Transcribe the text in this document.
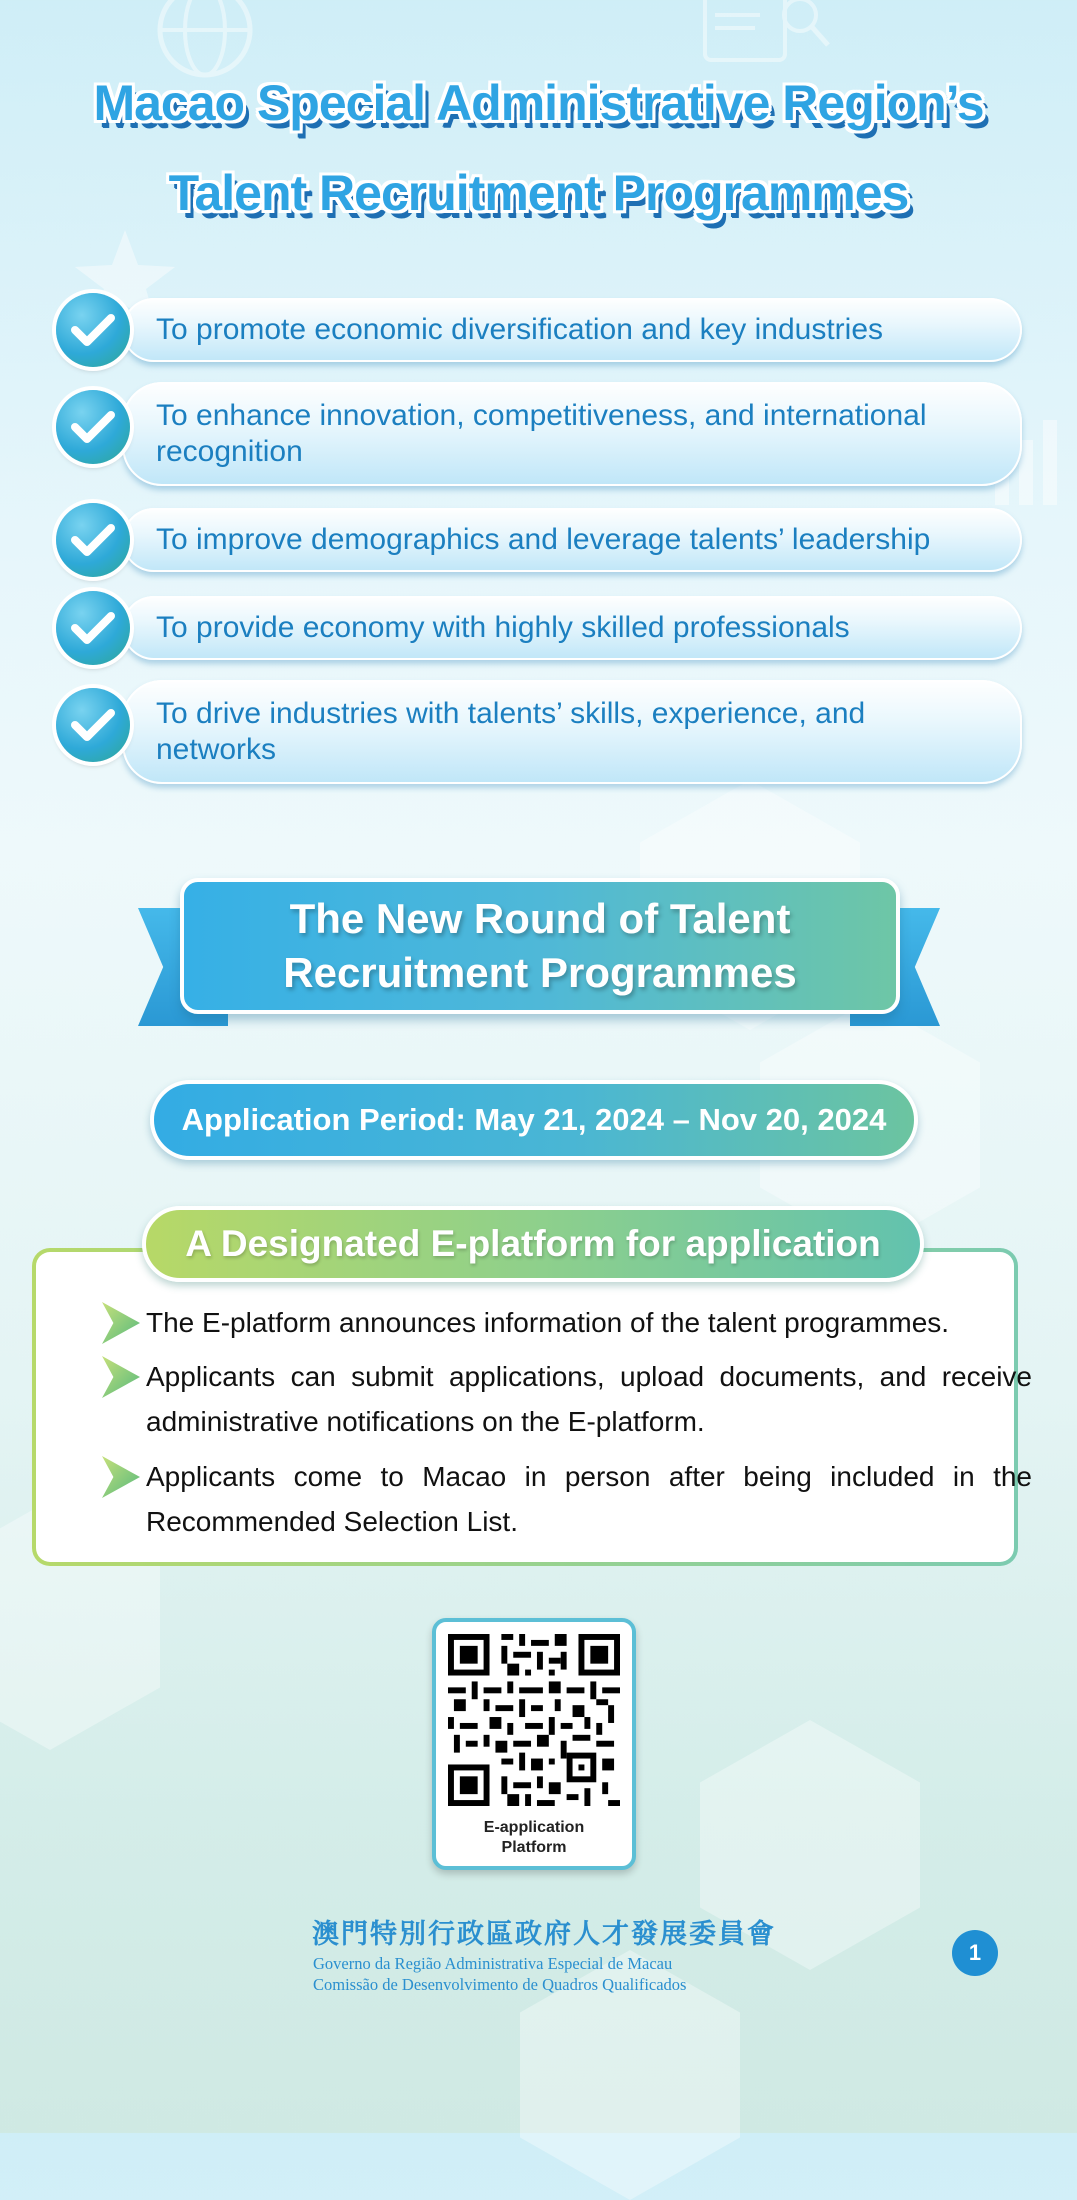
Macao Special Administrative Region’s
Talent Recruitment Programmes
To promote economic diversification and key industries
To enhance innovation, competitiveness, and international recognition
To improve demographics and leverage talents’ leadership
To provide economy with highly skilled professionals
To drive industries with talents’ skills, experience, and networks
The New Round of Talent
Recruitment Programmes
Application Period: May 21, 2024 – Nov 20, 2024
The E-platform announces information of the talent programmes.
Applicants can submit applications, upload documents, and receive administrative notifications on the E-platform.
Applicants come to Macao in person after being included in the Recommended Selection List.
A Designated E-platform for application
E-application
Platform
澳門特別行政區政府人才發展委員會
Governo da Região Administrativa Especial de Macau
Comissão de Desenvolvimento de Quadros Qualificados
1
